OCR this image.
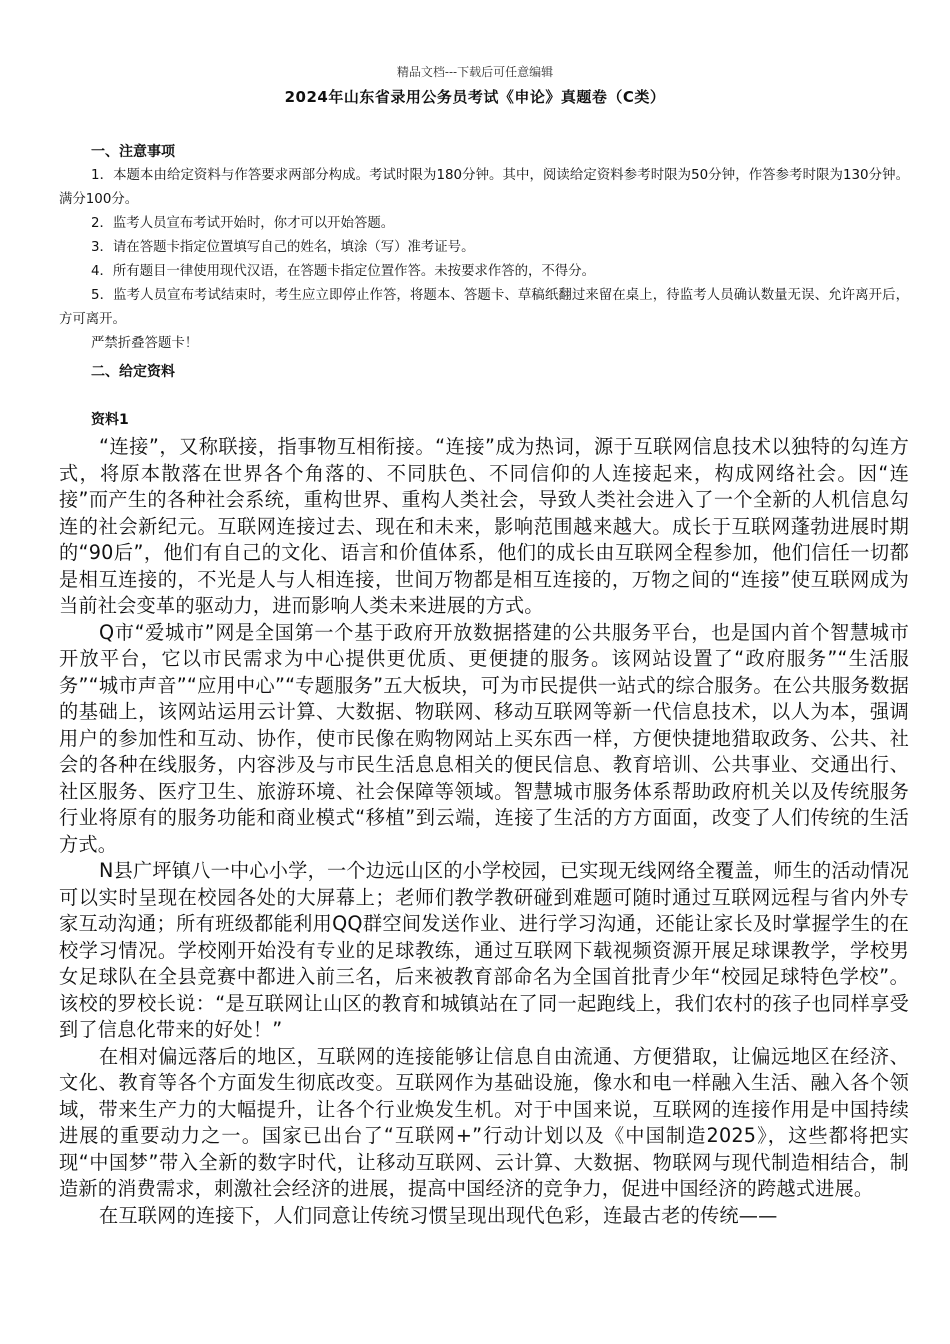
精品文档---下载后可任意编辑
2024年山东省录用公务员考试《申论》真题卷（C类）
一、注意事项

1．本题本由给定资料与作答要求两部分构成。考试时限为180分钟。其中，阅读给定资料参考时限为50分钟，作答参考时限为130分钟。满分100分。

2．监考人员宣布考试开始时，你才可以开始答题。

3．请在答题卡指定位置填写自己的姓名，填涂（写）准考证号。

4．所有题目一律使用现代汉语，在答题卡指定位置作答。未按要求作答的，不得分。

5．监考人员宣布考试结束时，考生应立即停止作答，将题本、答题卡、草稿纸翻过来留在桌上，待监考人员确认数量无误、允许离开后，方可离开。

严禁折叠答题卡！

二、给定资料
资料1

“连接”，又称联接，指事物互相衔接。“连接”成为热词，源于互联网信息技术以独特的勾连方式，将原本散落在世界各个角落的、不同肤色、不同信仰的人连接起来，构成网络社会。因“连接”而产生的各种社会系统，重构世界、重构人类社会，导致人类社会进入了一个全新的人机信息勾连的社会新纪元。互联网连接过去、现在和未来，影响范围越来越大。成长于互联网蓬勃进展时期的“90后”，他们有自己的文化、语言和价值体系，他们的成长由互联网全程参加，他们信任一切都是相互连接的，不光是人与人相连接，世间万物都是相互连接的，万物之间的“连接”使互联网成为当前社会变革的驱动力，进而影响人类未来进展的方式。

Q市“爱城市”网是全国第一个基于政府开放数据搭建的公共服务平台，也是国内首个智慧城市开放平台，它以市民需求为中心提供更优质、更便捷的服务。该网站设置了“政府服务”“生活服务”“城市声音”“应用中心”“专题服务”五大板块，可为市民提供一站式的综合服务。在公共服务数据的基础上，该网站运用云计算、大数据、物联网、移动互联网等新一代信息技术，以人为本，强调用户的参加性和互动、协作，使市民像在购物网站上买东西一样，方便快捷地猎取政务、公共、社会的各种在线服务，内容涉及与市民生活息息相关的便民信息、教育培训、公共事业、交通出行、社区服务、医疗卫生、旅游环境、社会保障等领域。智慧城市服务体系帮助政府机关以及传统服务行业将原有的服务功能和商业模式“移植”到云端，连接了生活的方方面面，改变了人们传统的生活方式。

N县广坪镇八一中心小学，一个边远山区的小学校园，已实现无线网络全覆盖，师生的活动情况可以实时呈现在校园各处的大屏幕上；老师们教学教研碰到难题可随时通过互联网远程与省内外专家互动沟通；所有班级都能利用QQ群空间发送作业、进行学习沟通，还能让家长及时掌握学生的在校学习情况。学校刚开始没有专业的足球教练，通过互联网下载视频资源开展足球课教学，学校男女足球队在全县竞赛中都进入前三名，后来被教育部命名为全国首批青少年“校园足球特色学校”。该校的罗校长说：“是互联网让山区的教育和城镇站在了同一起跑线上，我们农村的孩子也同样享受到了信息化带来的好处！”

在相对偏远落后的地区，互联网的连接能够让信息自由流通、方便猎取，让偏远地区在经济、文化、教育等各个方面发生彻底改变。互联网作为基础设施，像水和电一样融入生活、融入各个领域，带来生产力的大幅提升，让各个行业焕发生机。对于中国来说，互联网的连接作用是中国持续进展的重要动力之一。国家已出台了“互联网+”行动计划以及《中国制造2025》，这些都将把实现“中国梦”带入全新的数字时代，让移动互联网、云计算、大数据、物联网与现代制造相结合，制造新的消费需求，刺激社会经济的进展，提高中国经济的竞争力，促进中国经济的跨越式进展。

在互联网的连接下，人们同意让传统习惯呈现出现代色彩，连最古老的传统——
